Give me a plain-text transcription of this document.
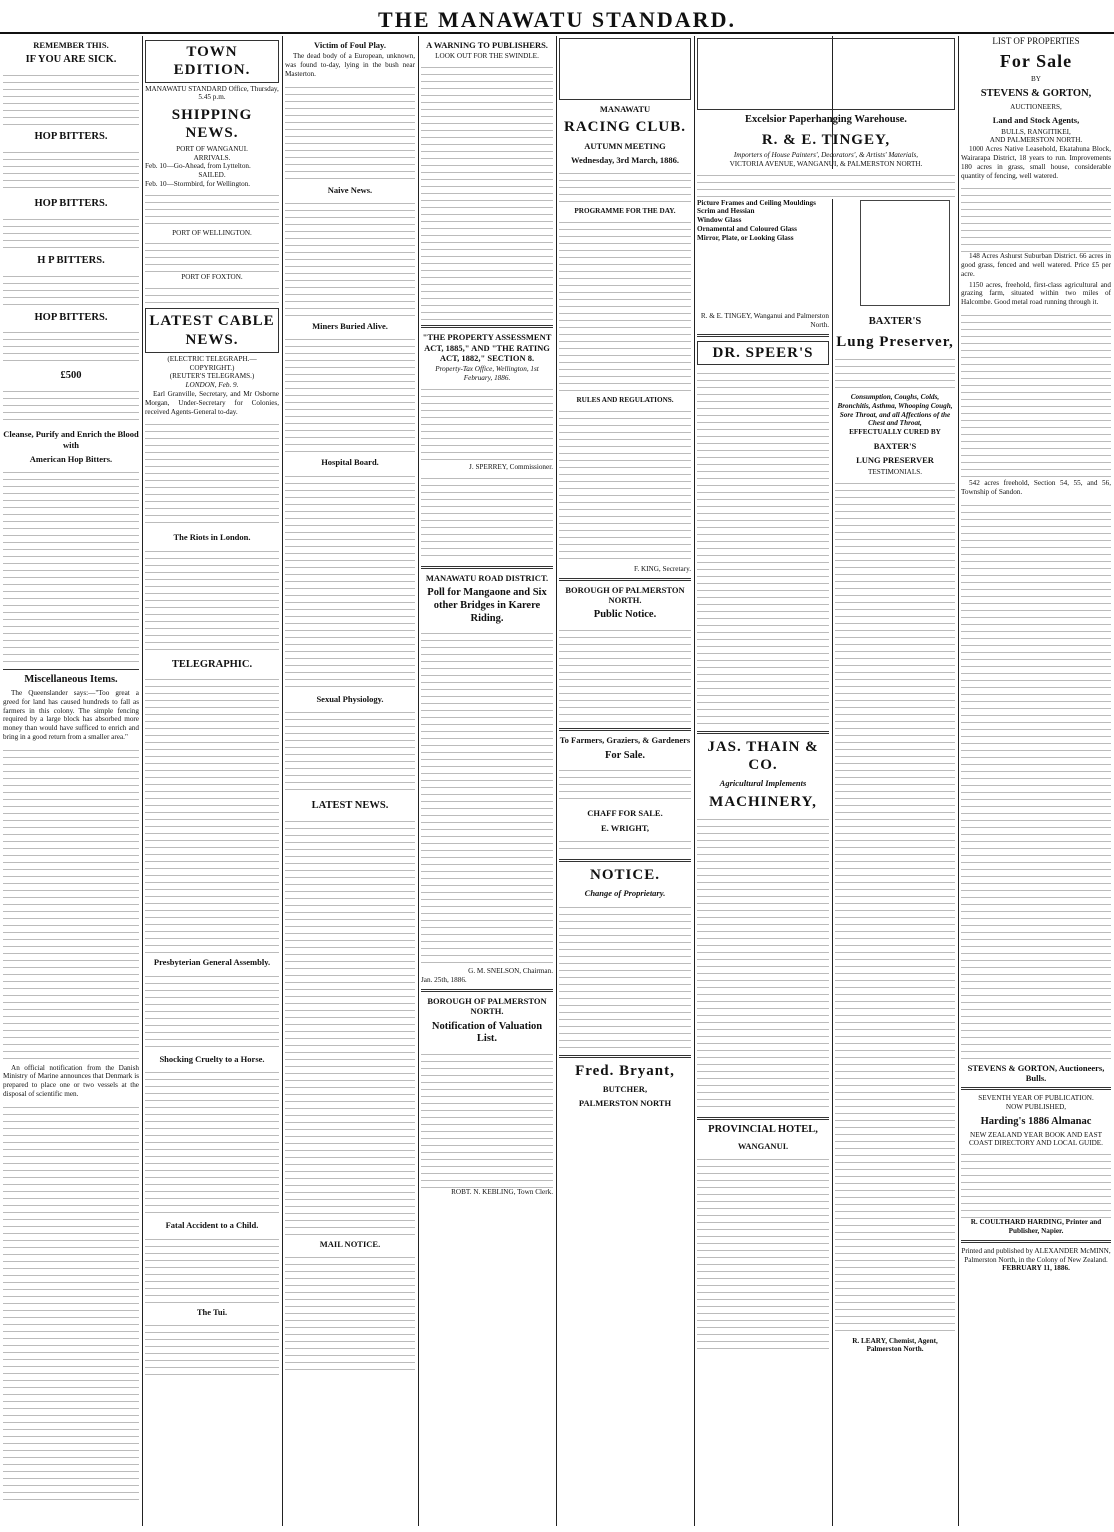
THE MANAWATU STANDARD.
REMEMBER THIS.
IF YOU ARE SICK.
HOP BITTERS.
HOP BITTERS.
H P BITTERS.
HOP BITTERS.
£500
Cleanse, Purify and Enrich the Blood with
American Hop Bitters.
Miscellaneous Items.

The Queenslander says:—"Too great a greed for land has caused hundreds to fall as farmers in this colony. The simple fencing required by a large block has absorbed more money than would have sufficed to enrich and bring in a good return from a smaller area."

An official notification from the Danish Ministry of Marine announces that Denmark is prepared to place one or two vessels at the disposal of scientific men.

TOWN EDITION.
MANAWATU STANDARD Office, Thursday, 5.45 p.m.
SHIPPING NEWS.
PORT OF WANGANUI.
ARRIVALS.
Feb. 10—Go-Ahead, from Lyttelton.
SAILED.
Feb. 10—Stormbird, for Wellington.
PORT OF WELLINGTON.
PORT OF FOXTON.
LATEST CABLE NEWS.
(ELECTRIC TELEGRAPH.—COPYRIGHT.)
(REUTER'S TELEGRAMS.)
LONDON, Feb. 9.

Earl Granville, Secretary, and Mr Osborne Morgan, Under-Secretary for Colonies, received Agents-General to-day.

The Riots in London.
TELEGRAPHIC.
Presbyterian General Assembly.
Shocking Cruelty to a Horse.
Fatal Accident to a Child.
The Tui.
Victim of Foul Play.

The dead body of a European, unknown, was found to-day, lying in the bush near Masterton.

Naive News.
Miners Buried Alive.
Hospital Board.
Sexual Physiology.
LATEST NEWS.
MAIL NOTICE.
A WARNING TO PUBLISHERS.
LOOK OUT FOR THE SWINDLE.
"THE PROPERTY ASSESSMENT ACT, 1885," AND "THE RATING ACT, 1882," SECTION 8.
Property-Tax Office, Wellington, 1st February, 1886.
J. SPERREY, Commissioner.
MANAWATU ROAD DISTRICT.
Poll for Mangaone and Six other Bridges in Karere Riding.
G. M. SNELSON, Chairman.
Jan. 25th, 1886.
BOROUGH OF PALMERSTON NORTH.
Notification of Valuation List.
ROBT. N. KEBLING, Town Clerk.
MANAWATU
RACING CLUB.
AUTUMN MEETING
Wednesday, 3rd March, 1886.
PROGRAMME FOR THE DAY.
RULES AND REGULATIONS.
F. KING, Secretary.
BOROUGH OF PALMERSTON NORTH.
Public Notice.
To Farmers, Graziers, & Gardeners
For Sale.
CHAFF FOR SALE.
E. WRIGHT,
NOTICE.
Change of Proprietary.
Fred. Bryant,
BUTCHER,
PALMERSTON NORTH
Excelsior Paperhanging Warehouse.
R. & E. TINGEY,
Importers of House Painters', Decorators', & Artists' Materials,
VICTORIA AVENUE, WANGANUI, & PALMERSTON NORTH.
Picture Frames and Ceiling Mouldings
Scrim and Hessian
Window Glass
Ornamental and Coloured Glass
Mirror, Plate, or Looking Glass
R. & E. TINGEY, Wanganui and Palmerston North.
DR. SPEER'S
JAS. THAIN & CO.
Agricultural Implements
MACHINERY,
PROVINCIAL HOTEL,
WANGANUI.
BAXTER'S
Lung Preserver,
Consumption, Coughs, Colds, Bronchitis, Asthma, Whooping Cough, Sore Throat, and all Affections of the Chest and Throat,
EFFECTUALLY CURED BY
BAXTER'S
LUNG PRESERVER
TESTIMONIALS.
R. LEARY, Chemist, Agent, Palmerston North.
LIST OF PROPERTIES
For Sale
BY
STEVENS & GORTON,
AUCTIONEERS,
Land and Stock Agents,
BULLS, RANGITIKEI,
AND PALMERSTON NORTH.

1000 Acres Native Leasehold, Ekatahuna Block, Wairarapa District, 18 years to run. Improvements 180 acres in grass, small house, considerable quantity of fencing, well watered.

148 Acres Ashurst Suburban District. 66 acres in good grass, fenced and well watered. Price £5 per acre.

1150 acres, freehold, first-class agricultural and grazing farm, situated within two miles of Halcombe. Good metal road running through it.

542 acres freehold, Section 54, 55, and 56, Township of Sandon.

STEVENS & GORTON, Auctioneers, Bulls.
SEVENTH YEAR OF PUBLICATION.
NOW PUBLISHED,
Harding's 1886 Almanac
NEW ZEALAND YEAR BOOK AND EAST COAST DIRECTORY AND LOCAL GUIDE.
R. COULTHARD HARDING, Printer and Publisher, Napier.
Printed and published by ALEXANDER McMINN, Palmerston North, in the Colony of New Zealand.
FEBRUARY 11, 1886.
